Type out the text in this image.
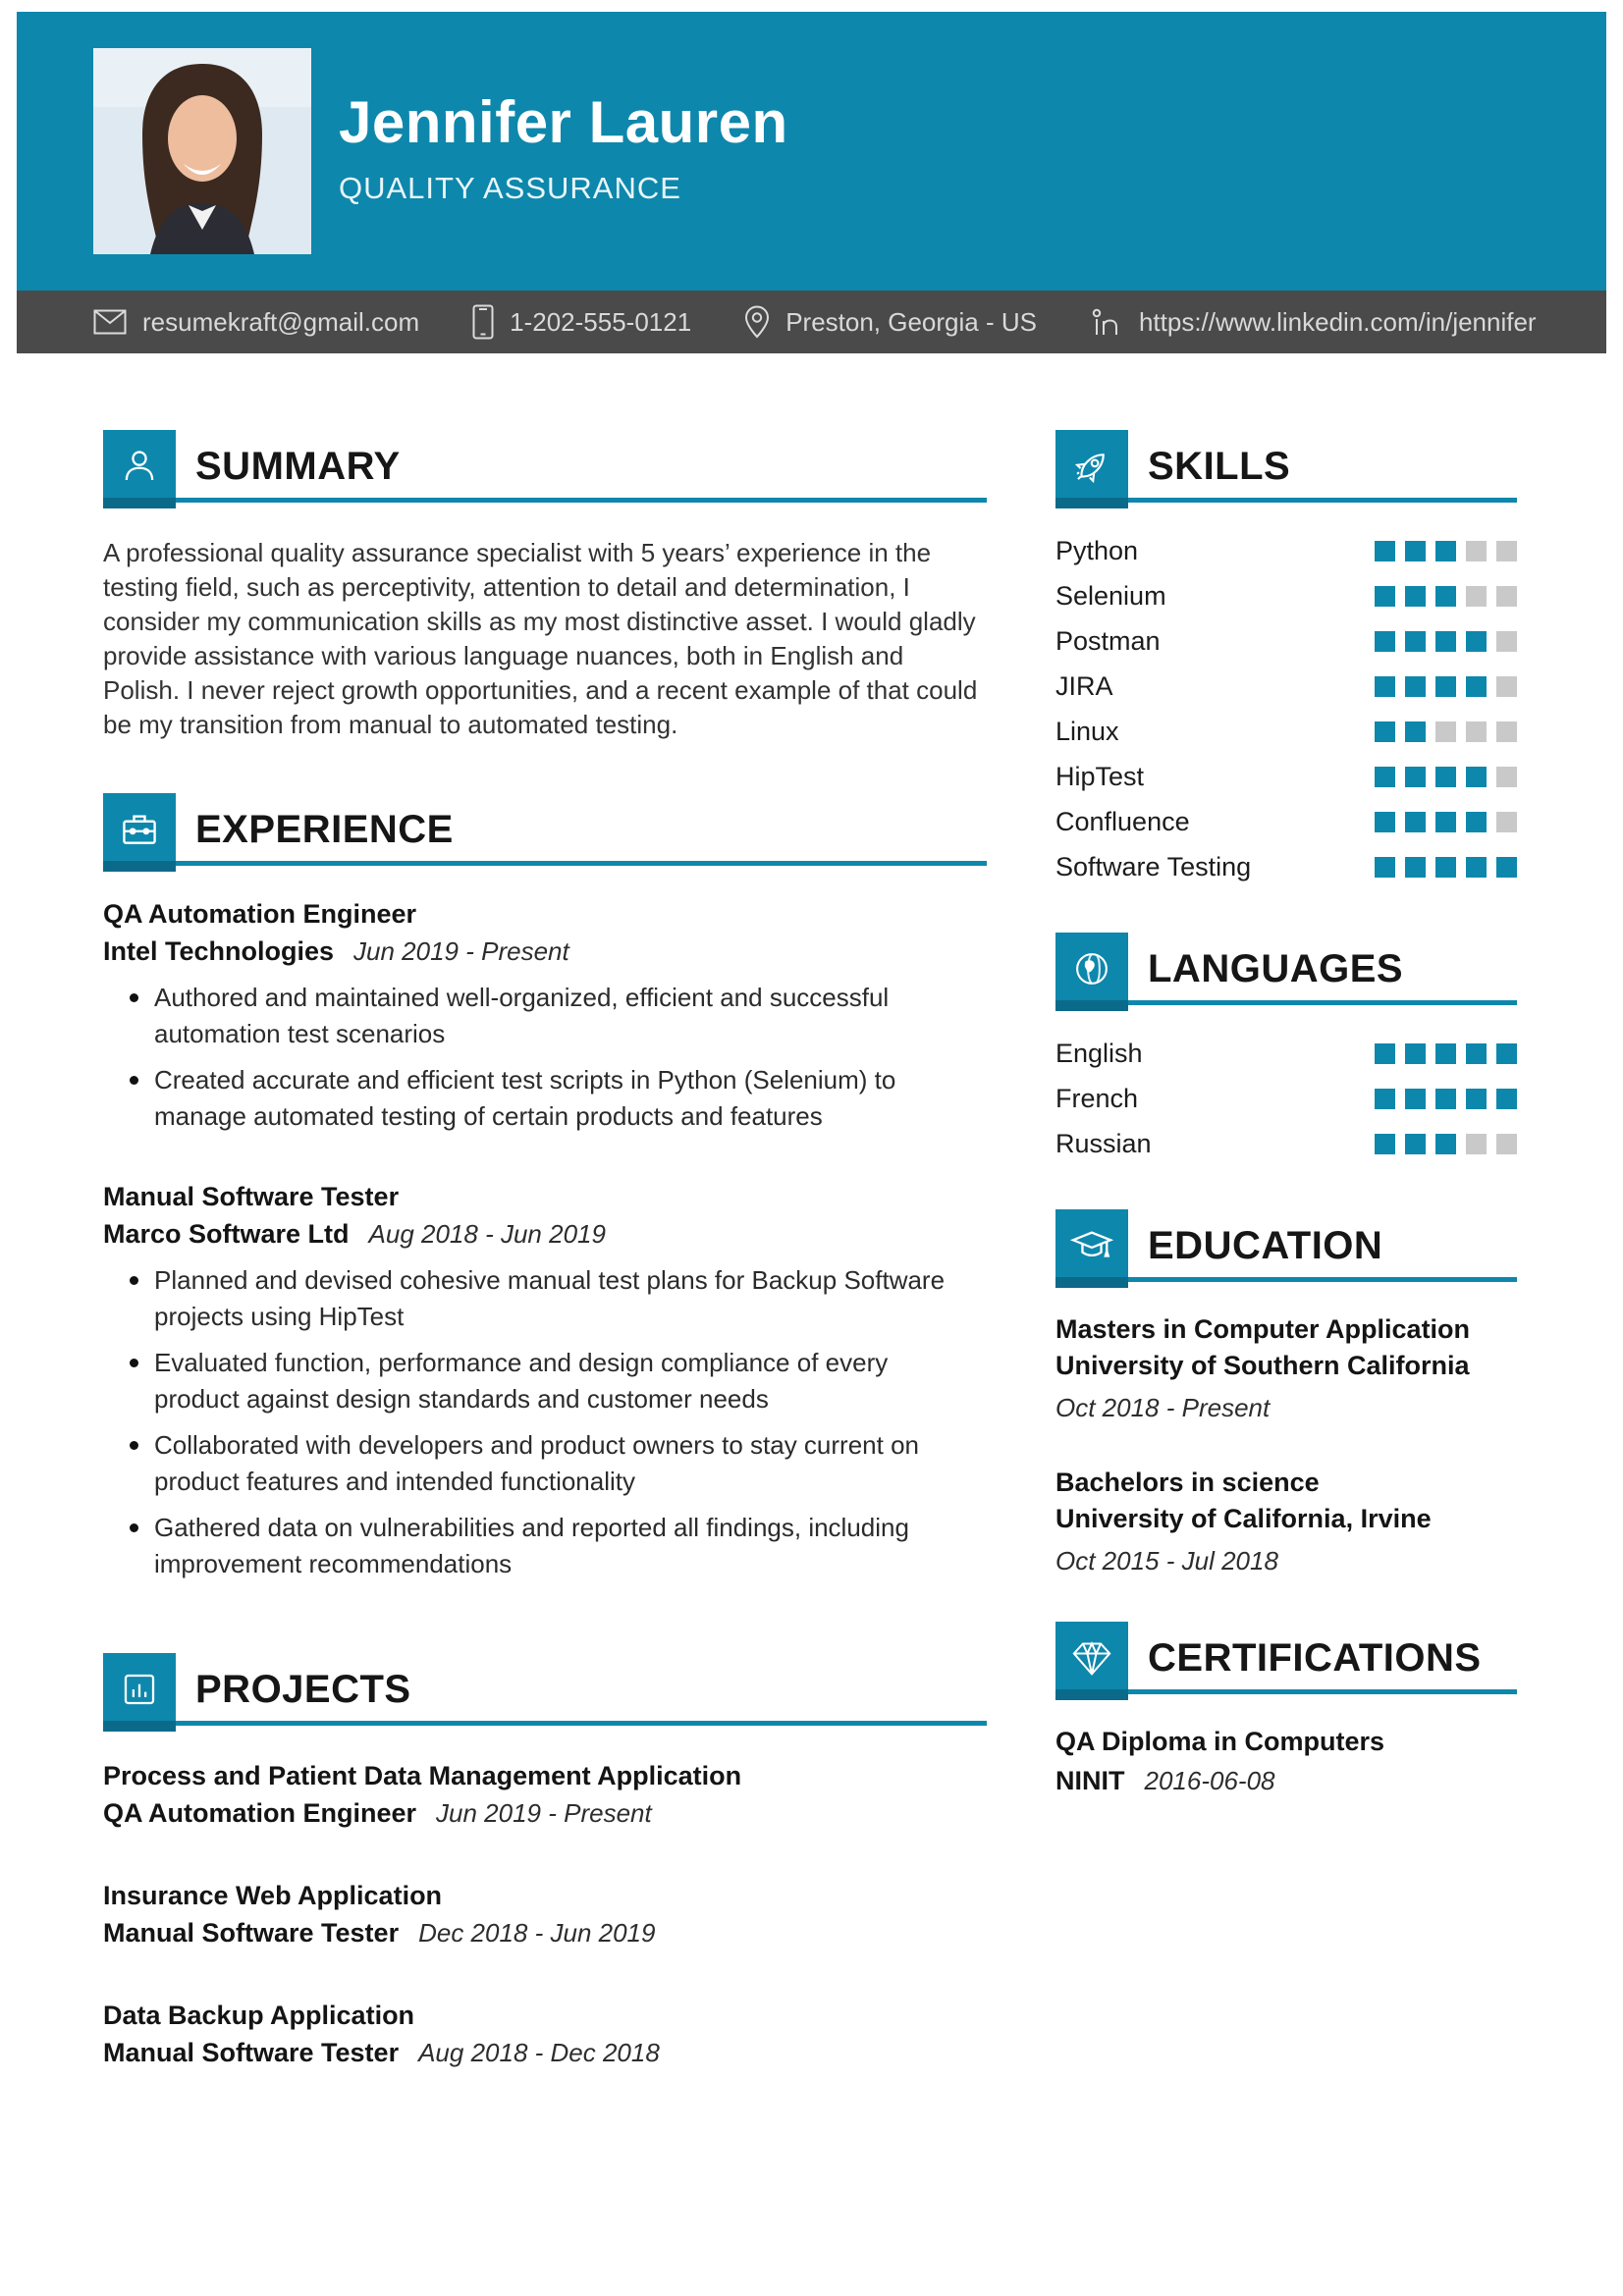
Jennifer Lauren
QUALITY ASSURANCE
resumekraft@gmail.com	1-202-555-0121	Preston, Georgia - US	https://www.linkedin.com/in/jennifer
SUMMARY

A professional quality assurance specialist with 5 years’ experience in the testing field, such as perceptivity, attention to detail and determination, I consider my communication skills as my most distinctive asset. I would gladly provide assistance with various language nuances, both in English and Polish. I never reject growth opportunities, and a recent example of that could be my transition from manual to automated testing.

EXPERIENCE
QA Automation Engineer
Intel Technologies Jun 2019 - Present
Authored and maintained well-organized, efficient and successful automation test scenarios
Created accurate and efficient test scripts in Python (Selenium) to manage automated testing of certain products and features
Manual Software Tester
Marco Software Ltd Aug 2018 - Jun 2019
Planned and devised cohesive manual test plans for Backup Software projects using HipTest
Evaluated function, performance and design compliance of every product against design standards and customer needs
Collaborated with developers and product owners to stay current on product features and intended functionality
Gathered data on vulnerabilities and reported all findings, including improvement recommendations
PROJECTS
Process and Patient Data Management Application
QA Automation Engineer Jun 2019 - Present
Insurance Web Application
Manual Software Tester Dec 2018 - Jun 2019
Data Backup Application
Manual Software Tester Aug 2018 - Dec 2018
SKILLS
Python
Selenium
Postman
JIRA
Linux
HipTest
Confluence
Software Testing
LANGUAGES
English
French
Russian
EDUCATION
Masters in Computer Application
University of Southern California
Oct 2018 - Present
Bachelors in science
University of California, Irvine
Oct 2015 - Jul 2018
CERTIFICATIONS
QA Diploma in Computers
NINIT 2016-06-08
